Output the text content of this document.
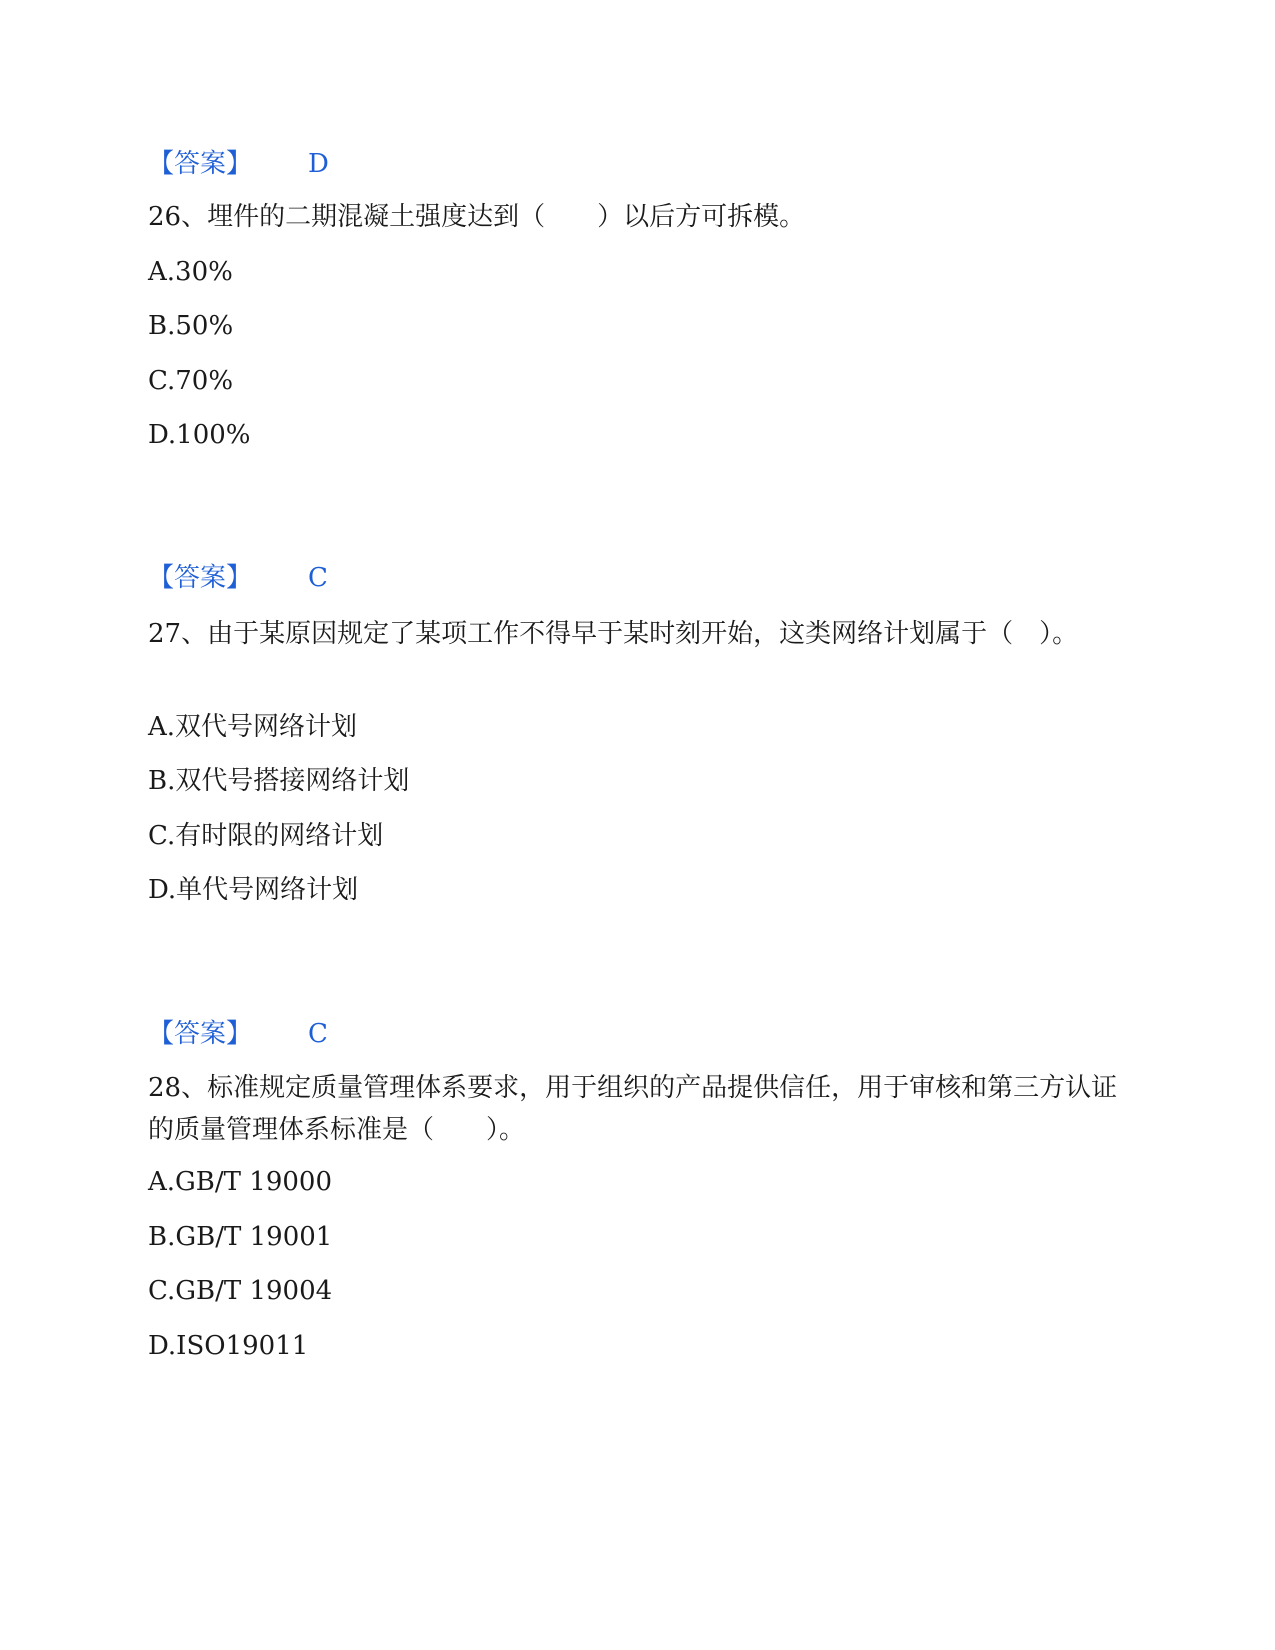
【答案】 D
26、埋件的二期混凝土强度达到（　　）以后方可拆模。
A.30%
B.50%
C.70%
D.100%
【答案】 C
27、由于某原因规定了某项工作不得早于某时刻开始，这类网络计划属于（　）。
A.双代号网络计划
B.双代号搭接网络计划
C.有时限的网络计划
D.单代号网络计划
【答案】 C
28、标准规定质量管理体系要求，用于组织的产品提供信任，用于审核和第三方认证的质量管理体系标准是（　　）。
A.GB/T 19000
B.GB/T 19001
C.GB/T 19004
D.ISO19011
